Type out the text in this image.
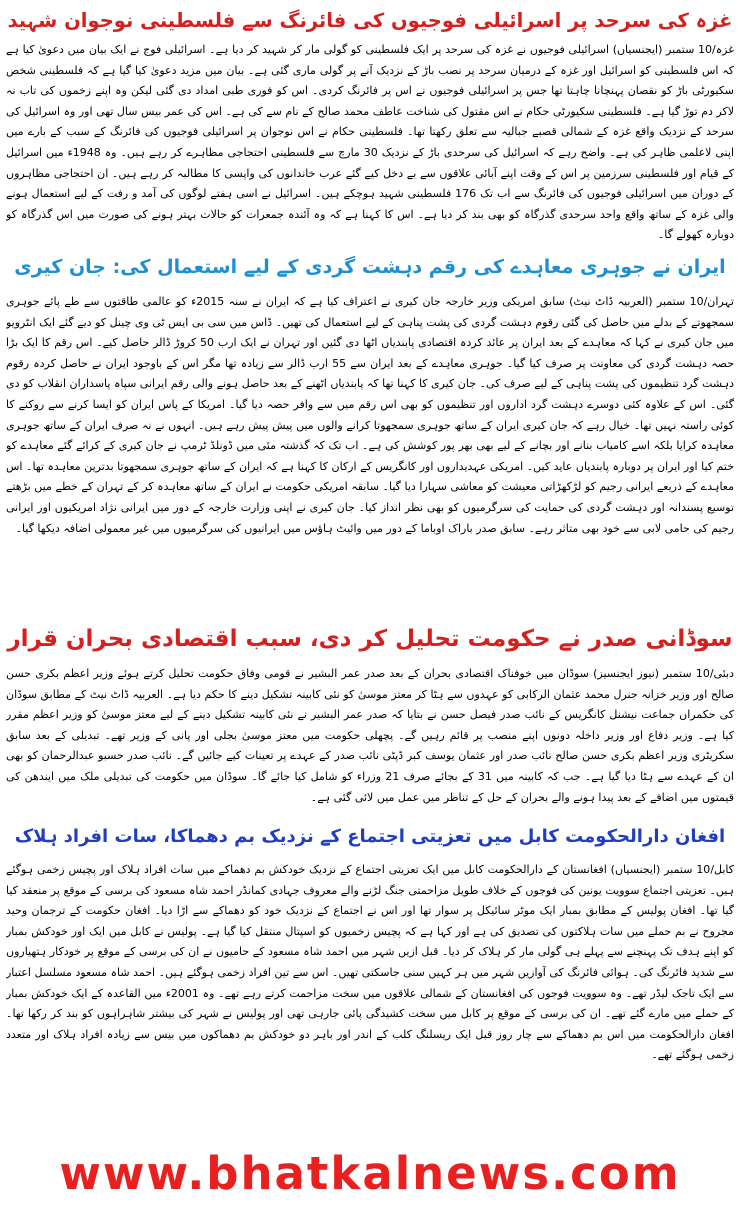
غزہ کی سرحد پر اسرائیلی فوجیوں کی فائرنگ سے فلسطینی نوجوان شہید

غزہ/10 ستمبر (ایجنسیاں) اسرائیلی فوجیوں نے غزہ کی سرحد پر ایک فلسطینی کو گولی مار کر شہید کر دیا ہے۔ اسرائیلی فوج نے ایک بیان میں دعویٰ کیا ہے کہ اس فلسطینی کو اسرائیل اور غزہ کے درمیان سرحد پر نصب باڑ کے نزدیک آنے پر گولی ماری گئی ہے۔ بیان میں مزید دعویٰ کیا گیا ہے کہ فلسطینی شخص سکیورٹی باڑ کو نقصان پہنچانا چاہتا تھا جس پر اسرائیلی فوجیوں نے اس پر فائرنگ کردی۔ اس کو فوری طبی امداد دی گئی لیکن وہ اپنے زخموں کی تاب نہ لاکر دم توڑ گیا ہے۔ فلسطینی سکیورٹی حکام نے اس مقتول کی شناخت عاطف محمد صالح کے نام سے کی ہے۔ اس کی عمر بیس سال تھی اور وہ اسرائیل کی سرحد کے نزدیک واقع غزہ کے شمالی قصبے جبالیہ سے تعلق رکھتا تھا۔ فلسطینی حکام نے اس نوجوان پر اسرائیلی فوجیوں کی فائرنگ کے سبب کے بارے میں اپنی لاعلمی ظاہر کی ہے۔ واضح رہے کہ اسرائیل کی سرحدی باڑ کے نزدیک 30 مارچ سے فلسطینی احتجاجی مظاہرے کر رہے ہیں۔ وہ 1948ء میں اسرائیل کے قیام اور فلسطینی سرزمین پر اس کے وقت اپنے آبائی علاقوں سے بے دخل کیے گئے عرب خاندانوں کی واپسی کا مطالبہ کر رہے ہیں۔ ان احتجاجی مظاہروں کے دوران میں اسرائیلی فوجیوں کی فائرنگ سے اب تک 176 فلسطینی شہید ہوچکے ہیں۔ اسرائیل نے اسی ہفتے لوگوں کی آمد و رفت کے لیے استعمال ہونے والی غزہ کے ساتھ واقع واحد سرحدی گذرگاہ کو بھی بند کر دیا ہے۔ اس کا کہنا ہے کہ وہ آئندہ جمعرات کو حالات بہتر ہونے کی صورت میں اس گذرگاہ کو دوبارہ کھولے گا۔

ایران نے جوہری معاہدے کی رقم دہشت گردی کے لیے استعمال کی: جان کیری

تہران/10 ستمبر (العربیہ ڈاٹ نیٹ) سابق امریکی وزیر خارجہ جان کیری نے اعتراف کیا ہے کہ ایران نے سنہ 2015ء کو عالمی طاقتوں سے طے پائے جوہری سمجھوتے کے بدلے میں حاصل کی گئی رقوم دہشت گردی کی پشت پناہی کے لیے استعمال کی تھیں۔ ڈاس میں سی بی ایس ٹی وی چینل کو دیے گئے ایک انٹرویو میں جان کیری نے کہا کہ معاہدے کے بعد ایران پر عائد کردہ اقتصادی پابندیاں اٹھا دی گئیں اور تہران نے ایک ارب 50 کروڑ ڈالر حاصل کیے۔ اس رقم کا ایک بڑا حصہ دہشت گردی کی معاونت پر صرف کیا گیا۔ جوہری معاہدے کے بعد ایران سے 55 ارب ڈالر سے زیادہ تھا مگر اس کے باوجود ایران نے حاصل کردہ رقوم دہشت گرد تنظیموں کی پشت پناہی کے لیے صرف کی۔ جان کیری کا کہنا تھا کہ پابندیاں اٹھنے کے بعد حاصل ہونے والی رقم ایرانی سپاہ پاسداران انقلاب کو دی گئی۔ اس کے علاوہ کئی دوسرے دہشت گرد اداروں اور تنظیموں کو بھی اس رقم میں سے وافر حصہ دیا گیا۔ امریکا کے پاس ایران کو ایسا کرنے سے روکنے کا کوئی راستہ نہیں تھا۔ خیال رہے کہ جان کیری ایران کے ساتھ جوہری سمجھوتا کرانے والوں میں پیش پیش رہے ہیں۔ انہوں نے نہ صرف ایران کے ساتھ جوہری معاہدہ کرایا بلکہ اسے کامیاب بنانے اور بچانے کے لیے بھی بھر پور کوشش کی ہے۔ اب تک کہ گذشتہ مئی میں ڈونلڈ ٹرمپ نے جان کیری کے کرائے گئے معاہدے کو ختم کیا اور ایران پر دوبارہ پابندیاں عاید کیں۔ امریکی عہدیداروں اور کانگریس کے ارکان کا کہنا ہے کہ ایران کے ساتھ جوہری سمجھوتا بدترین معاہدہ تھا۔ اس معاہدے کے ذریعے ایرانی رجیم کو لڑکھڑاتی معیشت کو معاشی سہارا دیا گیا۔ سابقہ امریکی حکومت نے ایران کے ساتھ معاہدہ کر کے تہران کے خطے میں بڑھتے توسیع پسندانہ اور دہشت گردی کی حمایت کی سرگرمیوں کو بھی نظر انداز کیا۔ جان کیری نے اپنی وزارت خارجہ کے دور میں ایرانی نژاد امریکیوں اور ایرانی رجیم کی حامی لابی سے خود بھی متاثر رہے۔ سابق صدر باراک اوباما کے دور میں وائیٹ ہاؤس میں ایرانیوں کی سرگرمیوں میں غیر معمولی اضافہ دیکھا گیا۔

سوڈانی صدر نے حکومت تحلیل کر دی، سبب اقتصادی بحران قرار

دبئی/10 ستمبر (نیوز ایجنسیز) سوڈان میں خوفناک اقتصادی بحران کے بعد صدر عمر البشیر نے قومی وفاق حکومت تحلیل کرتے ہوئے وزیر اعظم بکری حسن صالح اور وزیر خزانہ جنرل محمد عثمان الرکابی کو عہدوں سے ہٹا کر معتز موسیٰ کو نئی کابینہ تشکیل دینے کا حکم دیا ہے۔ العربیہ ڈاٹ نیٹ کے مطابق سوڈان کی حکمراں جماعت نیشنل کانگریس کے نائب صدر فیصل حسن نے بتایا کہ صدر عمر البشیر نے نئی کابینہ تشکیل دینے کے لیے معتز موسیٰ کو وزیر اعظم مقرر کیا ہے۔ وزیر دفاع اور وزیر داخلہ دونوں اپنے منصب پر قائم رہیں گے۔ پچھلی حکومت میں معتز موسیٰ بجلی اور پانی کے وزیر تھے۔ تبدیلی کے بعد سابق سکریٹری وزیر اعظم بکری حسن صالح نائب صدر اور عثمان یوسف کبر ڈپٹی نائب صدر کے عہدے پر تعینات کیے جائیں گے۔ نائب صدر حسبو عبدالرحمان کو بھی ان کے عہدے سے ہٹا دیا گیا ہے۔ جب کہ کابینہ میں 31 کے بجائے صرف 21 وزراء کو شامل کیا جائے گا۔ سوڈان میں حکومت کی تبدیلی ملک میں ایندھن کی قیمتوں میں اضافے کے بعد پیدا ہونے والے بحران کے حل کے تناظر میں عمل میں لائی گئی ہے۔

افغان دارالحکومت کابل میں تعزیتی اجتماع کے نزدیک بم دھماکا، سات افراد ہلاک

کابل/10 ستمبر (ایجنسیاں) افغانستان کے دارالحکومت کابل میں ایک تعزیتی اجتماع کے نزدیک خودکش بم دھماکے میں سات افراد ہلاک اور پچیس زخمی ہوگئے ہیں۔ تعزیتی اجتماع سوویت یونین کی فوجوں کے خلاف طویل مزاحمتی جنگ لڑنے والے معروف جہادی کمانڈر احمد شاہ مسعود کی برسی کے موقع پر منعقد کیا گیا تھا۔ افغان پولیس کے مطابق بمبار ایک موٹر سائیکل پر سوار تھا اور اس نے اجتماع کے نزدیک خود کو دھماکے سے اڑا دیا۔ افغان حکومت کے ترجمان وحید مجروح نے بم حملے میں سات ہلاکتوں کی تصدیق کی ہے اور کہا ہے کہ پچیس زخمیوں کو اسپتال منتقل کیا گیا ہے۔ پولیس نے کابل میں ایک اور خودکش بمبار کو اپنے ہدف تک پہنچنے سے پہلے ہی گولی مار کر ہلاک کر دیا۔ قبل ازیں شہر میں احمد شاہ مسعود کے حامیوں نے ان کی برسی کے موقع پر خودکار ہتھیاروں سے شدید فائرنگ کی۔ ہوائی فائرنگ کی آوازیں شہر میں ہر کہیں سنی جاسکتی تھیں۔ اس سے تین افراد زخمی ہوگئے ہیں۔ احمد شاہ مسعود مسلسل اعتبار سے ایک تاجک لیڈر تھے۔ وہ سوویت فوجوں کی افغانستان کے شمالی علاقوں میں سخت مزاحمت کرتے رہے تھے۔ وہ 2001ء میں القاعدہ کے ایک خودکش بمبار کے حملے میں مارے گئے تھے۔ ان کی برسی کے موقع پر کابل میں سخت کشیدگی پائی جارہی تھی اور پولیس نے شہر کی بیشتر شاہراہوں کو بند کر رکھا تھا۔ افغان دارالحکومت میں اس بم دھماکے سے چار روز قبل ایک ریسلنگ کلب کے اندر اور باہر دو خودکش بم دھماکوں میں بیس سے زیادہ افراد ہلاک اور متعدد زخمی ہوگئے تھے۔

www.bhatkalnews.com
